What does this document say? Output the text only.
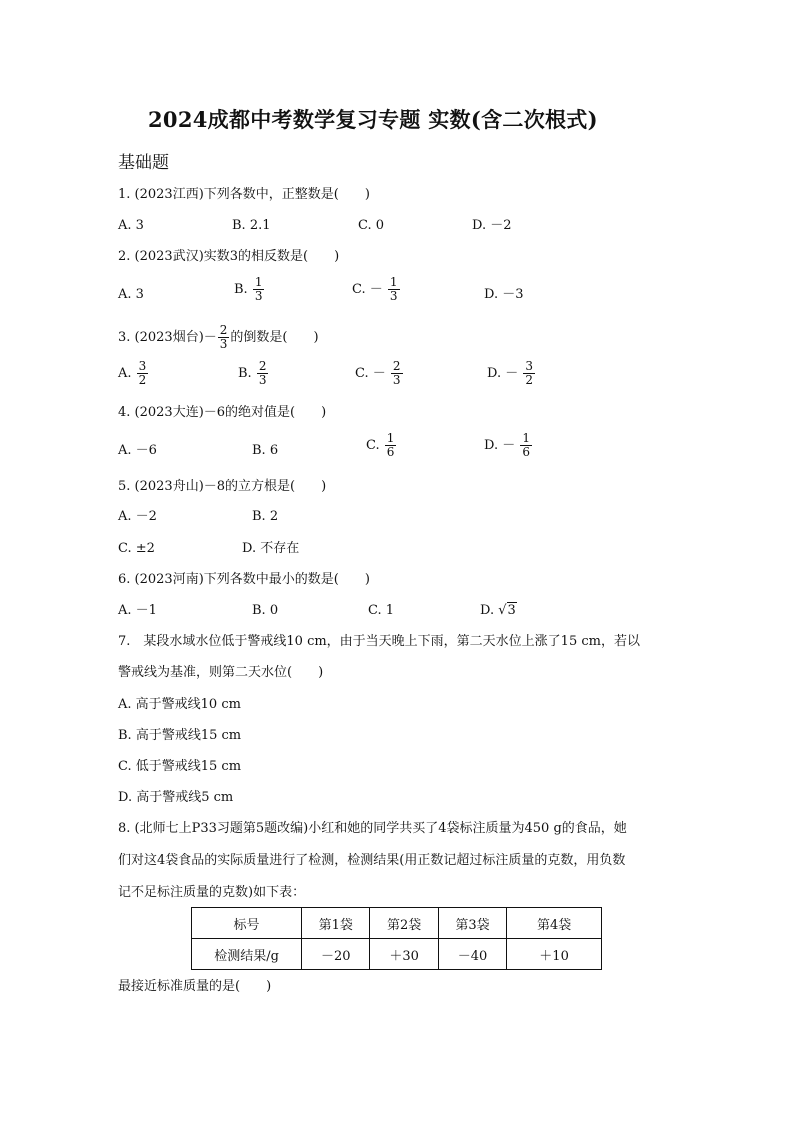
2024成都中考数学复习专题 实数(含二次根式)
基础题
1. (2023江西)下列各数中，正整数是(　　)
A. 3	B. 2.1	C. 0	D. －2
2. (2023武汉)实数3的相反数是(　　)
A. 3	B. $\frac{1}{3}$	C. － $\frac{1}{3}$	D. －3
3. (2023烟台)－ $\frac{2}{3}$ 的倒数是(　　)
A. $\frac{3}{2}$	B. $\frac{2}{3}$	C. － $\frac{2}{3}$	D. － $\frac{3}{2}$
4. (2023大连)－6的绝对值是(　　)
A. －6	B. 6	C. $\frac{1}{6}$	D. － $\frac{1}{6}$
5. (2023舟山)－8的立方根是(　　)
A. －2	B. 2
C. ±2	D. 不存在
6. (2023河南)下列各数中最小的数是(　　)
A. －1	B. 0	C. 1	D. √3
7.　某段水域水位低于警戒线10 cm，由于当天晚上下雨，第二天水位上涨了15 cm，若以
警戒线为基准，则第二天水位(　　)
A. 高于警戒线10 cm
B. 高于警戒线15 cm
C. 低于警戒线15 cm
D. 高于警戒线5 cm
8. (北师七上P33习题第5题改编)小红和她的同学共买了4袋标注质量为450 g的食品，她
们对这4袋食品的实际质量进行了检测，检测结果(用正数记超过标注质量的克数，用负数
记不足标注质量的克数)如下表：
标号	第1袋	第2袋	第3袋	第4袋
检测结果/g	－20	＋30	－40	＋10
最接近标准质量的是(　　)
